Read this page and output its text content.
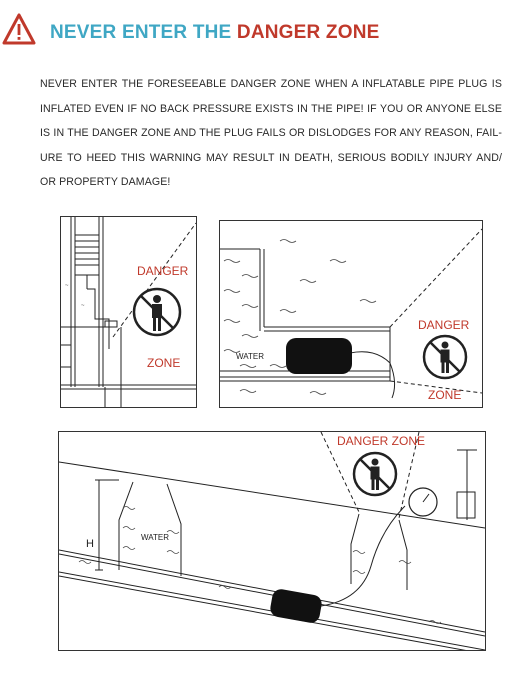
NEVER ENTER THE DANGER ZONE
NEVER ENTER THE FORESEEABLE DANGER ZONE WHEN A INFLATABLE PIPE PLUG IS INFLATED EVEN IF NO BACK PRESSURE EXISTS IN THE PIPE! IF YOU OR ANYONE ELSE IS IN THE DANGER ZONE AND THE PLUG FAILS OR DISLODGES FOR ANY REASON, FAIL-URE TO HEED THIS WARNING MAY RESULT IN DEATH, SERIOUS BODILY INJURY AND/ OR PROPERTY DAMAGE!
~
~
DANGER
ZONE	WATER
DANGER
ZONE
WATER
H
DANGER ZONE
